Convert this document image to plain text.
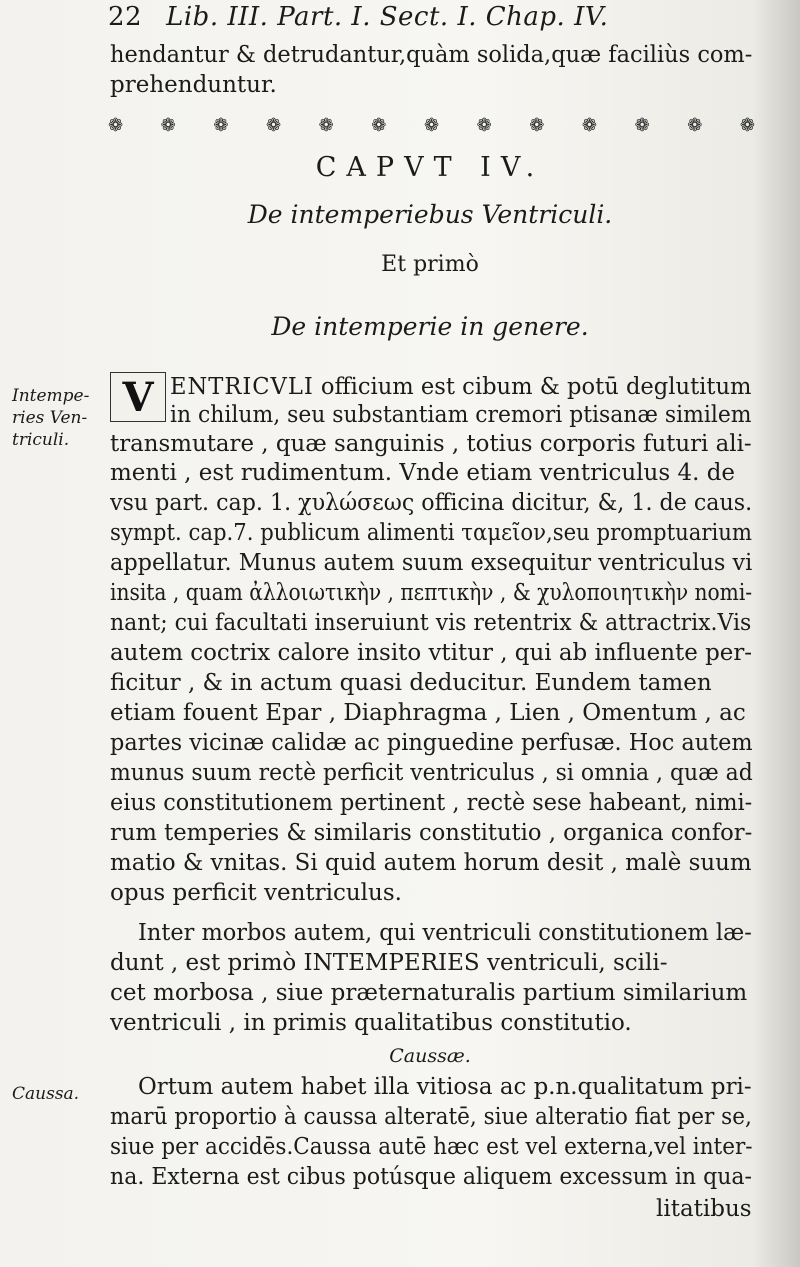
22 Lib. III. Part. I. Sect. I. Chap. IV.
hendantur & detrudantur,quàm solida,quæ faciliùs com-
prehenduntur.
❁ ❁ ❁ ❁ ❁ ❁ ❁ ❁ ❁ ❁ ❁ ❁ ❁
CAPVT IV.
De intemperiebus Ventriculi.
Et primò
De intemperie in genere.
Intempe-ries Ven-triculi.
V ENTRICVLI officium est cibum & potū deglutitum
in chilum, seu substantiam cremori ptisanæ similem
transmutare , quæ sanguinis , totius corporis futuri ali-
menti , est rudimentum. Vnde etiam ventriculus 4. de
vsu part. cap. 1. χυλώσεως officina dicitur, &, 1. de caus.
sympt. cap.7. publicum alimenti ταμεῖον,seu promptuarium
appellatur. Munus autem suum exsequitur ventriculus vi
insita , quam ἀλλοιωτικὴν , πεπτικὴν , & χυλοποιητικὴν nomi-
nant; cui facultati inseruiunt vis retentrix & attractrix.Vis
autem coctrix calore insito vtitur , qui ab influente per-
ficitur , & in actum quasi deducitur. Eundem tamen
etiam fouent Epar , Diaphragma , Lien , Omentum , ac
partes vicinæ calidæ ac pinguedine perfusæ. Hoc autem
munus suum rectè perficit ventriculus , si omnia , quæ ad
eius constitutionem pertinent , rectè sese habeant, nimi-
rum temperies & similaris constitutio , organica confor-
matio & vnitas. Si quid autem horum desit , malè suum
opus perficit ventriculus.
Inter morbos autem, qui ventriculi constitutionem læ-
dunt , est primò INTEMPERIES ventriculi, scili-
cet morbosa , siue præternaturalis partium similarium
ventriculi , in primis qualitatibus constitutio.
Caussæ.
Caussa.	Ortum autem habet illa vitiosa ac p.n.qualitatum pri-
marū proportio à caussa alteratē, siue alteratio fiat per se,
siue per accidēs.Caussa autē hæc est vel externa,vel inter-
na. Externa est cibus potúsque aliquem excessum in qua-
litatibus
